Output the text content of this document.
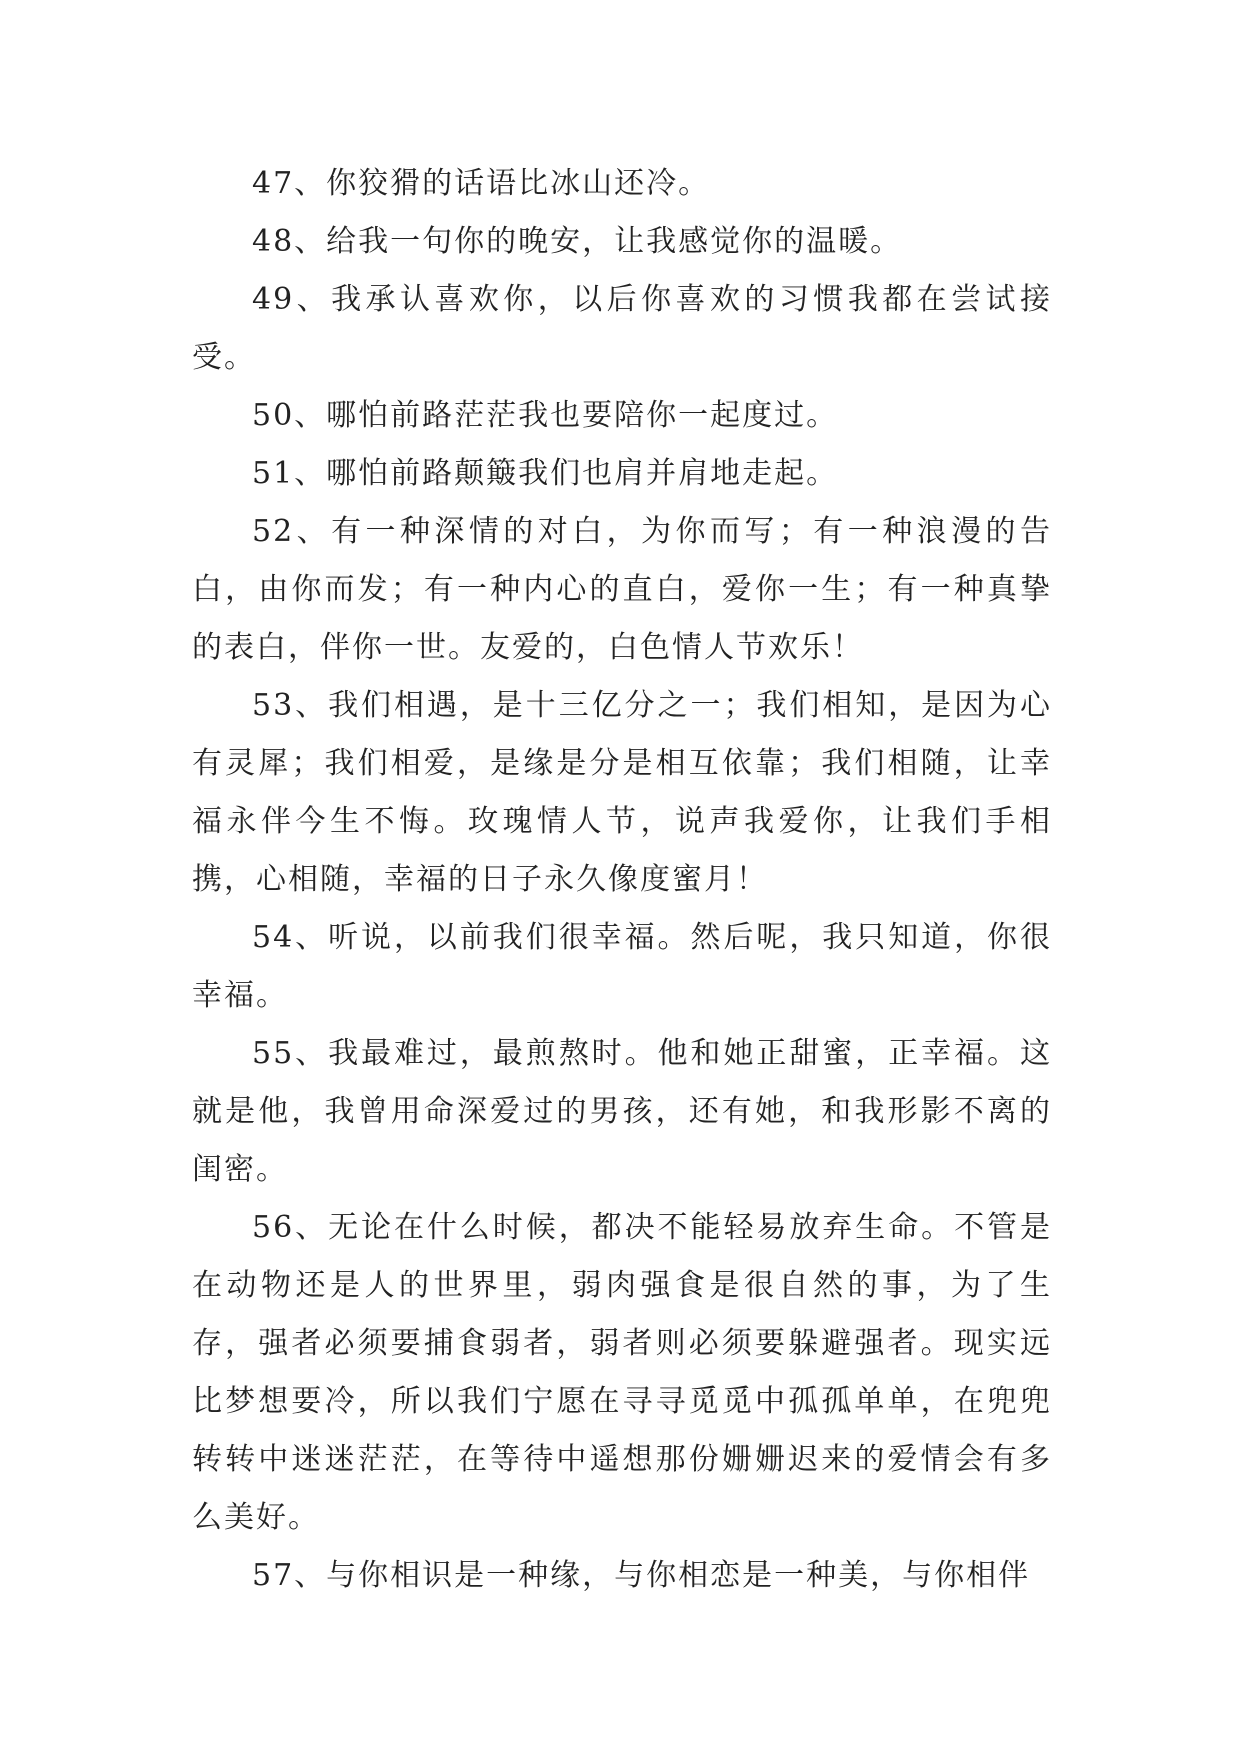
47、你狡猾的话语比冰山还冷。

48、给我一句你的晚安，让我感觉你的温暖。

49、我承认喜欢你，以后你喜欢的习惯我都在尝试接受。

50、哪怕前路茫茫我也要陪你一起度过。

51、哪怕前路颠簸我们也肩并肩地走起。

52、有一种深情的对白，为你而写；有一种浪漫的告白，由你而发；有一种内心的直白，爱你一生；有一种真挚的表白，伴你一世。友爱的，白色情人节欢乐！

53、我们相遇，是十三亿分之一；我们相知，是因为心有灵犀；我们相爱，是缘是分是相互依靠；我们相随，让幸福永伴今生不悔。玫瑰情人节，说声我爱你，让我们手相携，心相随，幸福的日子永久像度蜜月！

54、听说，以前我们很幸福。然后呢，我只知道，你很幸福。

55、我最难过，最煎熬时。他和她正甜蜜，正幸福。这就是他，我曾用命深爱过的男孩，还有她，和我形影不离的闺密。

56、无论在什么时候，都决不能轻易放弃生命。不管是在动物还是人的世界里，弱肉强食是很自然的事，为了生存，强者必须要捕食弱者，弱者则必须要躲避强者。现实远比梦想要冷，所以我们宁愿在寻寻觅觅中孤孤单单，在兜兜转转中迷迷茫茫，在等待中遥想那份姗姗迟来的爱情会有多么美好。

57、与你相识是一种缘，与你相恋是一种美，与你相伴
